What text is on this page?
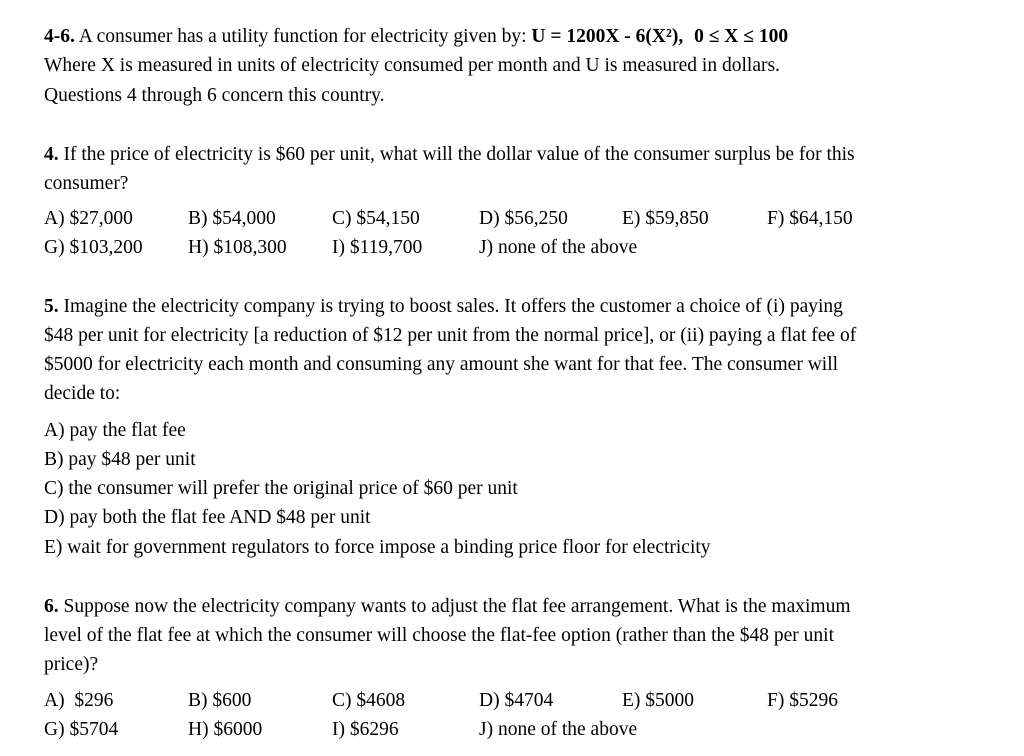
4-6. A consumer has a utility function for electricity given by: U = 1200X - 6(X²), 0 ≤ X ≤ 100
Where X is measured in units of electricity consumed per month and U is measured in dollars.
Questions 4 through 6 concern this country.
4. If the price of electricity is $60 per unit, what will the dollar value of the consumer surplus be for this
consumer?
A) $27,000	B) $54,000	C) $54,150	D) $56,250	E) $59,850	F) $64,150
G) $103,200 H) $108,300 I) $119,700	J) none of the above
5. Imagine the electricity company is trying to boost sales. It offers the customer a choice of (i) paying
$48 per unit for electricity [a reduction of $12 per unit from the normal price], or (ii) paying a flat fee of
$5000 for electricity each month and consuming any amount she want for that fee. The consumer will
decide to:
A) pay the flat fee
B) pay $48 per unit
C) the consumer will prefer the original price of $60 per unit
D) pay both the flat fee AND $48 per unit
E) wait for government regulators to force impose a binding price floor for electricity
6. Suppose now the electricity company wants to adjust the flat fee arrangement. What is the maximum
level of the flat fee at which the consumer will choose the flat-fee option (rather than the $48 per unit
price)?
A)  $296	B) $600	C) $4608	D) $4704	E) $5000	F) $5296
G) $5704	H) $6000	I) $6296	J) none of the above
